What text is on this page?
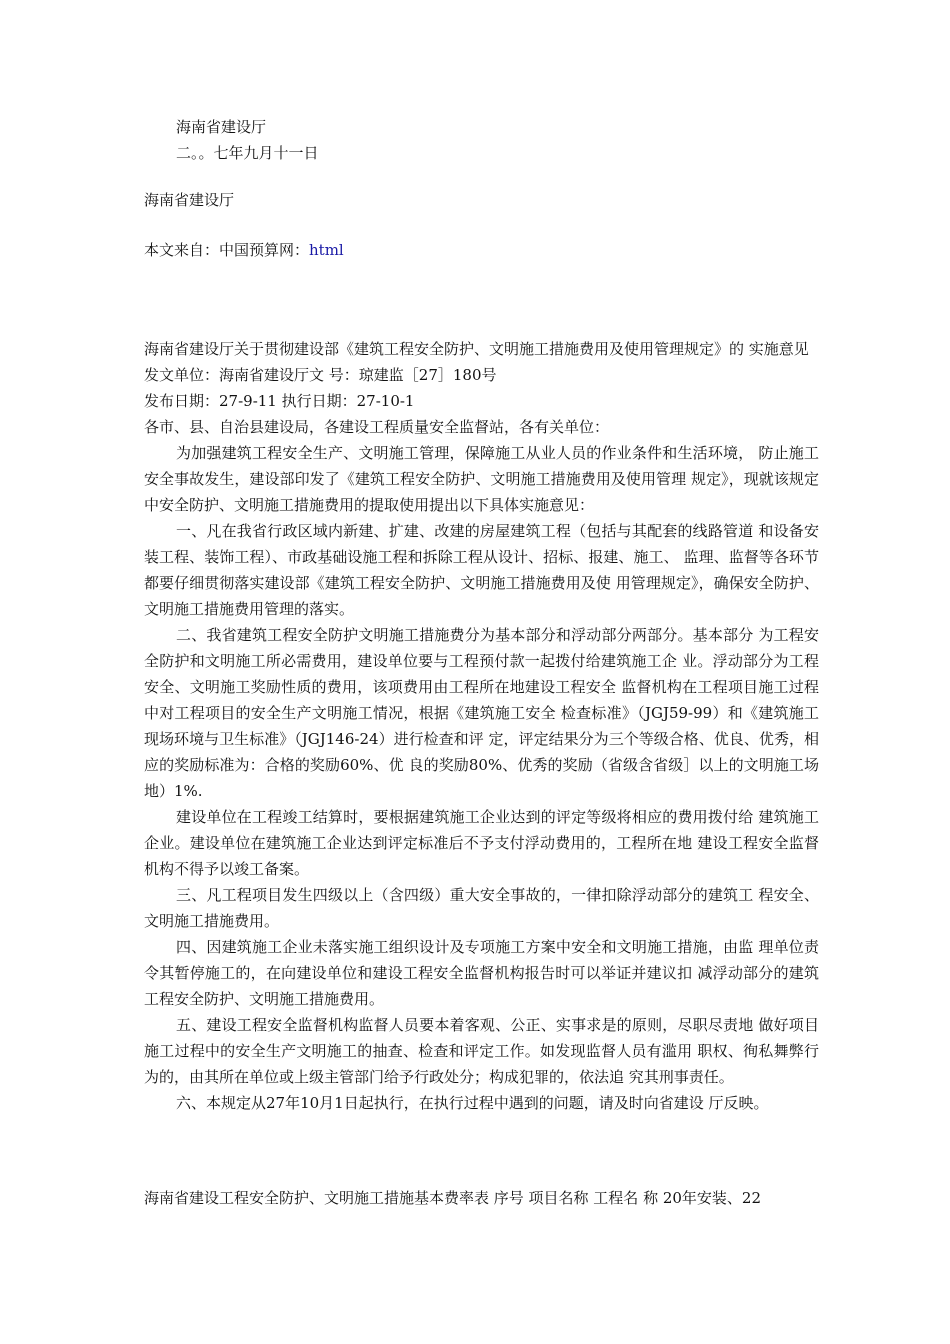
海南省建设厅

二。。七年九月十一日

海南省建设厅

本文来自：中国预算网：html

海南省建设厅关于贯彻建设部《建筑工程安全防护、文明施工措施费用及使用管理规定》的 实施意见

发文单位：海南省建设厅文 号：琼建监［27］180号

发布日期：27-9-11 执行日期：27-10-1

各市、县、自治县建设局，各建设工程质量安全监督站，各有关单位：

为加强建筑工程安全生产、文明施工管理，保障施工从业人员的作业条件和生活环境， 防止施工安全事故发生，建设部印发了《建筑工程安全防护、文明施工措施费用及使用管理 规定》，现就该规定中安全防护、文明施工措施费用的提取使用提出以下具体实施意见：

一、凡在我省行政区域内新建、扩建、改建的房屋建筑工程（包括与其配套的线路管道 和设备安装工程、装饰工程）、市政基础设施工程和拆除工程从设计、招标、报建、施工、 监理、监督等各环节都要仔细贯彻落实建设部《建筑工程安全防护、文明施工措施费用及使 用管理规定》，确保安全防护、文明施工措施费用管理的落实。

二、我省建筑工程安全防护文明施工措施费分为基本部分和浮动部分两部分。基本部分 为工程安全防护和文明施工所必需费用，建设单位要与工程预付款一起拨付给建筑施工企 业。浮动部分为工程安全、文明施工奖励性质的费用，该项费用由工程所在地建设工程安全 监督机构在工程项目施工过程中对工程项目的安全生产文明施工情况，根据《建筑施工安全 检查标准》（JGJ59-99）和《建筑施工现场环境与卫生标准》（JGJ146-24）进行检查和评 定，评定结果分为三个等级合格、优良、优秀，相应的奖励标准为：合格的奖励60%、优 良的奖励80%、优秀的奖励（省级含省级］以上的文明施工场地）1%.

建设单位在工程竣工结算时，要根据建筑施工企业达到的评定等级将相应的费用拨付给 建筑施工企业。建设单位在建筑施工企业达到评定标准后不予支付浮动费用的，工程所在地 建设工程安全监督机构不得予以竣工备案。

三、凡工程项目发生四级以上（含四级）重大安全事故的，一律扣除浮动部分的建筑工 程安全、文明施工措施费用。

四、因建筑施工企业未落实施工组织设计及专项施工方案中安全和文明施工措施，由监 理单位责令其暂停施工的，在向建设单位和建设工程安全监督机构报告时可以举证并建议扣 减浮动部分的建筑工程安全防护、文明施工措施费用。

五、建设工程安全监督机构监督人员要本着客观、公正、实事求是的原则，尽职尽责地 做好项目施工过程中的安全生产文明施工的抽查、检查和评定工作。如发现监督人员有滥用 职权、徇私舞弊行为的，由其所在单位或上级主管部门给予行政处分；构成犯罪的，依法追 究其刑事责任。

六、本规定从27年10月1日起执行，在执行过程中遇到的问题，请及时向省建设 厅反映。

海南省建设工程安全防护、文明施工措施基本费率表 序号 项目名称 工程名 称 20年安装、22
